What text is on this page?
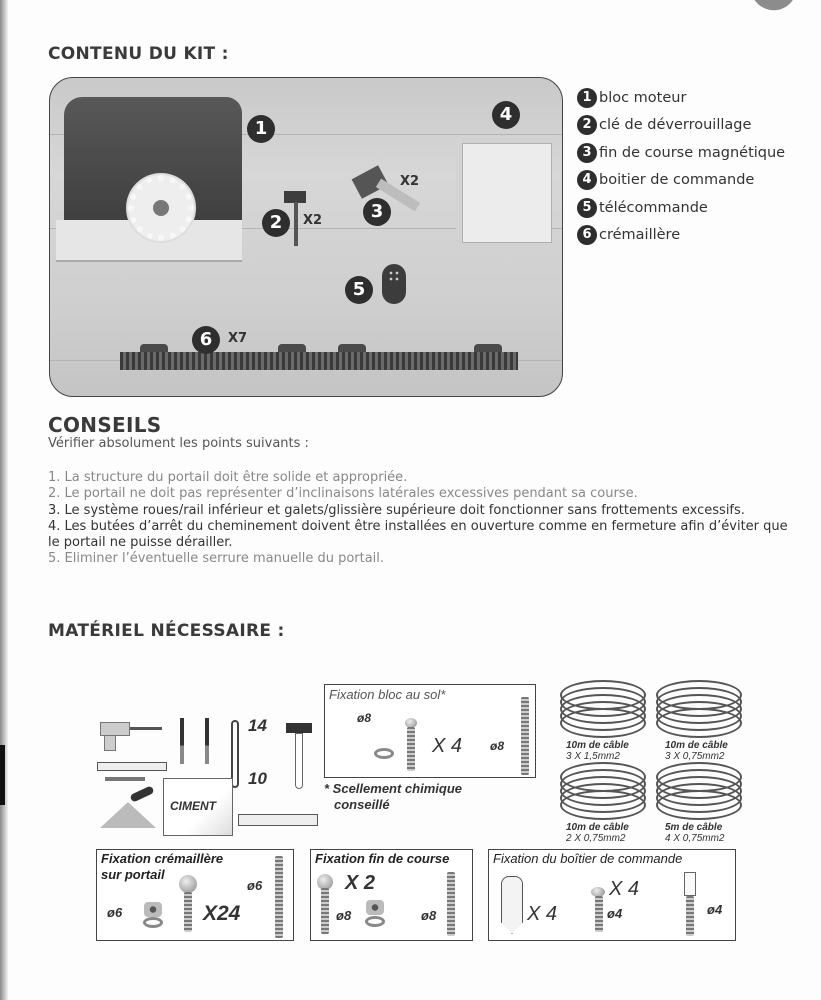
CONTENU DU KIT :
1
2
3
4
5
6
X2
X2
X7
1 bloc moteur
2 clé de déverrouillage
3 fin de course magnétique
4 boitier de commande
5 télécommande
6 crémaillère
CONSEILS
Vérifier absolument les points suivants :
1. La structure du portail doit être solide et appropriée.
2. Le portail ne doit pas représenter d’inclinaisons latérales excessives pendant sa course.
3. Le système roues/rail inférieur et galets/glissière supérieure doit fonctionner sans frottements excessifs.
4. Les butées d’arrêt du cheminement doivent être installées en ouverture comme en fermeture afin d’éviter que le portail ne puisse dérailler.
5. Eliminer l’éventuelle serrure manuelle du portail.
MATÉRIEL NÉCESSAIRE :
14
10
CIMENT
Fixation bloc au sol*
ø8
X 4 ø8
* Scellement chimique
conseillé
10m de câble
3 X 1,5mm2
10m de câble
3 X 0,75mm2
10m de câble
2 X 0,75mm2
5m de câble
4 X 0,75mm2
Fixation crémaillère
sur portail
ø6	X24
ø6
Fixation fin de course
X 2
ø8	ø8
Fixation du boîtier de commande
X 4
X 4
ø4	ø4
